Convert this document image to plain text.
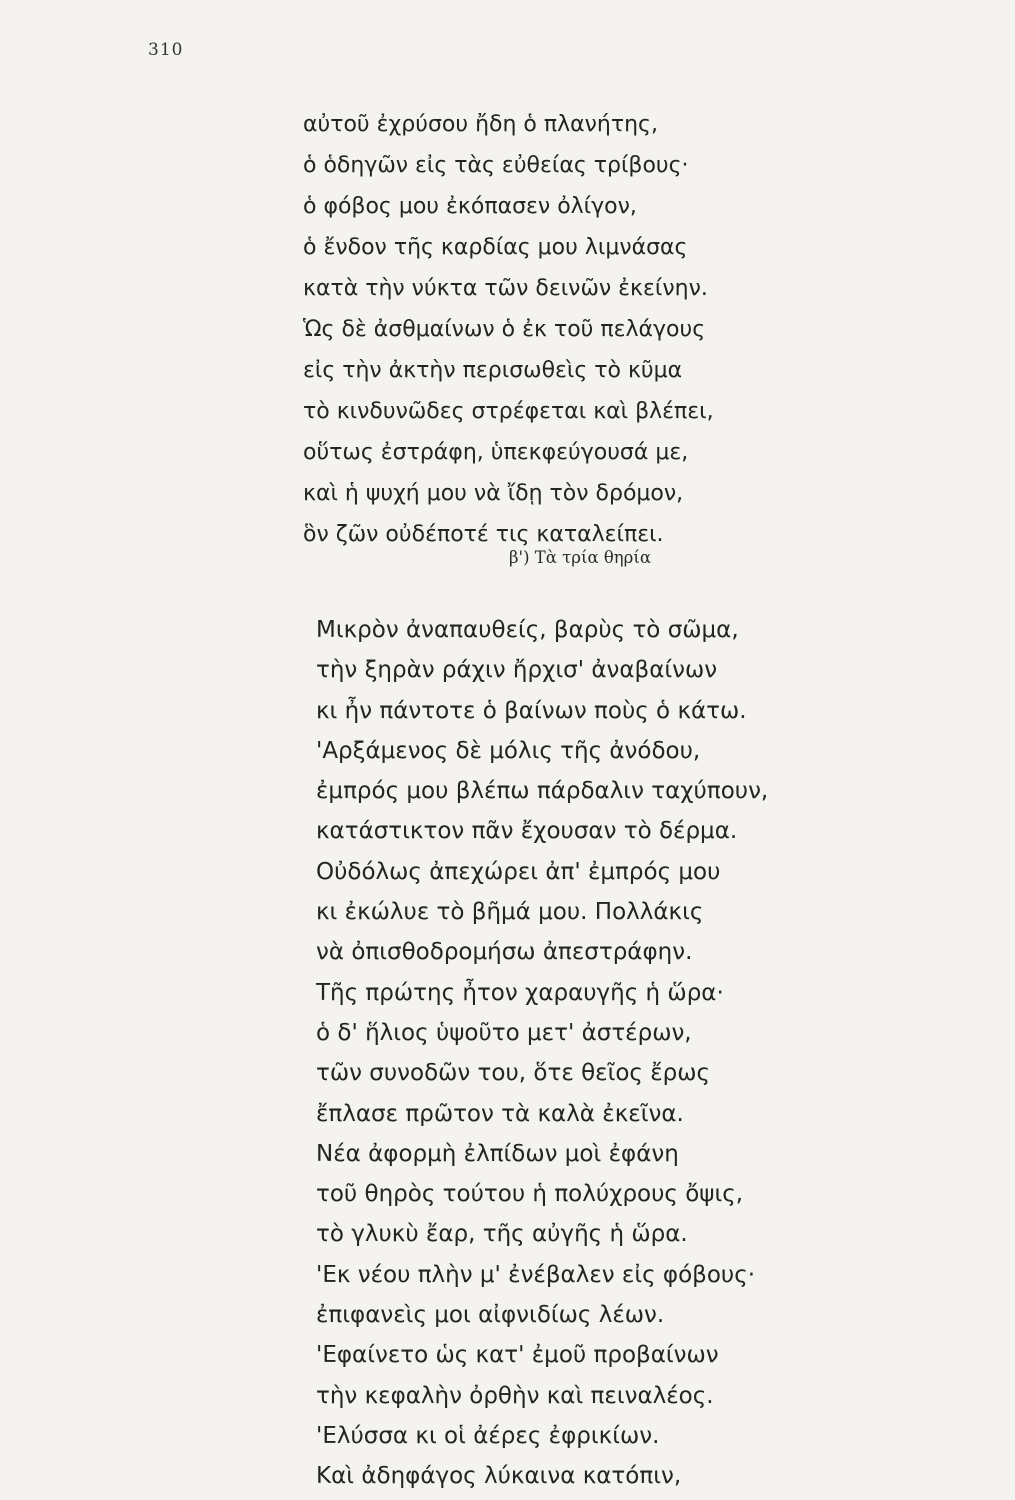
310
αὐτοῦ ἐχρύσου ἤδη ὁ πλανήτης,
ὁ ὁδηγῶν εἰς τὰς εὐθείας τρίβους·
ὁ φόβος μου ἐκόπασεν ὀλίγον,
ὁ ἔνδον τῆς καρδίας μου λιμνάσας
κατὰ τὴν νύκτα τῶν δεινῶν ἐκείνην.
Ὡς δὲ ἀσθμαίνων ὁ ἐκ τοῦ πελάγους
εἰς τὴν ἀκτὴν περισωθεὶς τὸ κῦμα
τὸ κινδυνῶδες στρέφεται καὶ βλέπει,
οὕτως ἐστράφη, ὑπεκφεύγουσά με,
καὶ ἡ ψυχή μου νὰ ἴδῃ τὸν δρόμον,
ὃν ζῶν οὐδέποτέ τις καταλείπει.
β') Τὰ τρία θηρία
Μικρὸν ἀναπαυθείς, βαρὺς τὸ σῶμα,
τὴν ξηρὰν ράχιν ἤρχισ' ἀναβαίνων
κι ἦν πάντοτε ὁ βαίνων ποὺς ὁ κάτω.
'Αρξάμενος δὲ μόλις τῆς ἀνόδου,
ἐμπρός μου βλέπω πάρδαλιν ταχύπουν,
κατάστικτον πᾶν ἔχουσαν τὸ δέρμα.
Οὐδόλως ἀπεχώρει ἀπ' ἐμπρός μου
κι ἐκώλυε τὸ βῆμά μου. Πολλάκις
νὰ ὀπισθοδρομήσω ἀπεστράφην.
Τῆς πρώτης ἦτον χαραυγῆς ἡ ὥρα·
ὁ δ' ἥλιος ὑψοῦτο μετ' ἀστέρων,
τῶν συνοδῶν του, ὅτε θεῖος ἔρως
ἔπλασε πρῶτον τὰ καλὰ ἐκεῖνα.
Νέα ἀφορμὴ ἐλπίδων μοὶ ἐφάνη
τοῦ θηρὸς τούτου ἡ πολύχρους ὄψις,
τὸ γλυκὺ ἔαρ, τῆς αὐγῆς ἡ ὥρα.
'Εκ νέου πλὴν μ' ἐνέβαλεν εἰς φόβους·
ἐπιφανεὶς μοι αἰφνιδίως λέων.
'Εφαίνετο ὡς κατ' ἐμοῦ προβαίνων
τὴν κεφαλὴν ὀρθὴν καὶ πειναλέος.
'Ελύσσα κι οἱ ἀέρες ἐφρικίων.
Καὶ ἀδηφάγος λύκαινα κατόπιν,
